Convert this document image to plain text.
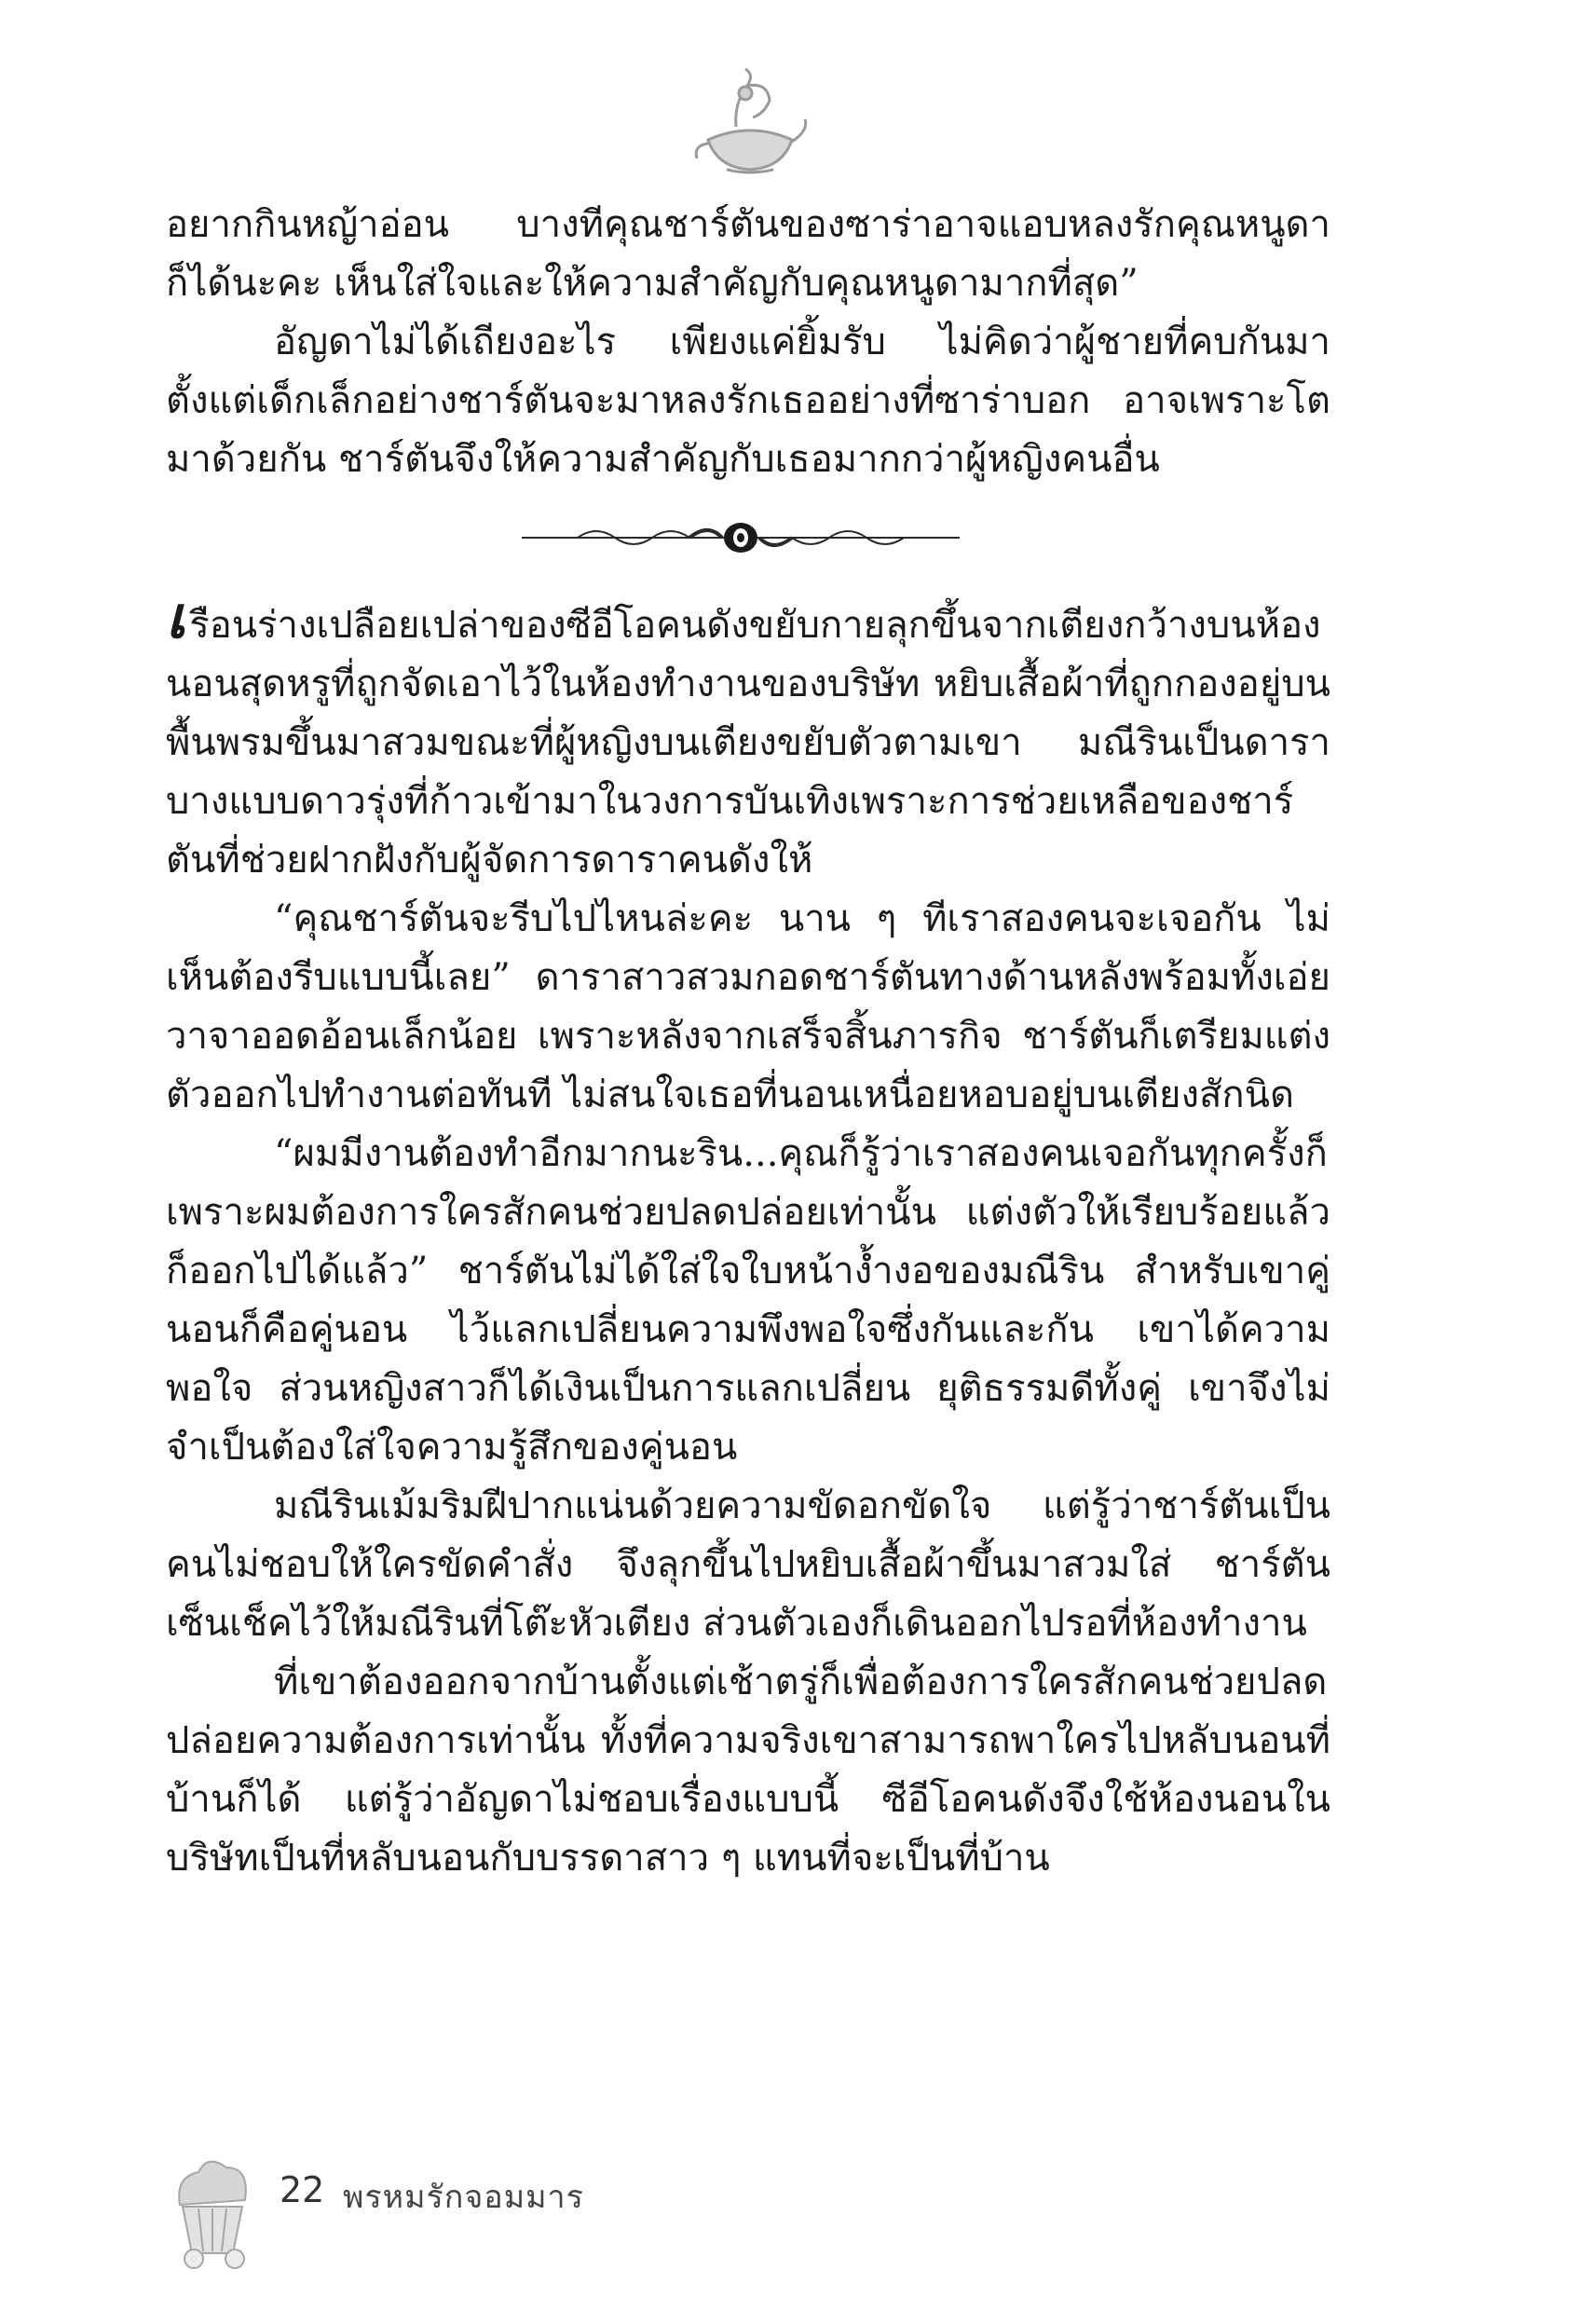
อยากกินหญ้าอ่อน บางทีคุณชาร์ตันของซาร่าอาจแอบหลงรักคุณหนูดาก็ได้นะคะ เห็นใส่ใจและให้ความสำคัญกับคุณหนูดามากที่สุด”

อัญดาไม่ได้เถียงอะไร เพียงแค่ยิ้มรับ ไม่คิดว่าผู้ชายที่คบกันมาตั้งแต่เด็กเล็กอย่างชาร์ตันจะมาหลงรักเธออย่างที่ซาร่าบอก อาจเพราะโตมาด้วยกัน ชาร์ตันจึงให้ความสำคัญกับเธอมากกว่าผู้หญิงคนอื่น

เรือนร่างเปลือยเปล่าของซีอีโอคนดังขยับกายลุกขึ้นจากเตียงกว้างบนห้องนอนสุดหรูที่ถูกจัดเอาไว้ในห้องทำงานของบริษัท หยิบเสื้อผ้าที่ถูกกองอยู่บนพื้นพรมขึ้นมาสวมขณะที่ผู้หญิงบนเตียงขยับตัวตามเขา มณีรินเป็นดาราบางแบบดาวรุ่งที่ก้าวเข้ามาในวงการบันเทิงเพราะการช่วยเหลือของชาร์ตันที่ช่วยฝากฝังกับผู้จัดการดาราคนดังให้

“คุณชาร์ตันจะรีบไปไหนล่ะคะ นาน ๆ ทีเราสองคนจะเจอกัน ไม่เห็นต้องรีบแบบนี้เลย” ดาราสาวสวมกอดชาร์ตันทางด้านหลังพร้อมทั้งเอ่ยวาจาออดอ้อนเล็กน้อย เพราะหลังจากเสร็จสิ้นภารกิจ ชาร์ตันก็เตรียมแต่งตัวออกไปทำงานต่อทันที ไม่สนใจเธอที่นอนเหนื่อยหอบอยู่บนเตียงสักนิด

“ผมมีงานต้องทำอีกมากนะริน...คุณก็รู้ว่าเราสองคนเจอกันทุกครั้งก็เพราะผมต้องการใครสักคนช่วยปลดปล่อยเท่านั้น แต่งตัวให้เรียบร้อยแล้วก็ออกไปได้แล้ว” ชาร์ตันไม่ได้ใส่ใจใบหน้างํ้างอของมณีริน สำหรับเขาคู่นอนก็คือคู่นอน ไว้แลกเปลี่ยนความพึงพอใจซึ่งกันและกัน เขาได้ความพอใจ ส่วนหญิงสาวก็ได้เงินเป็นการแลกเปลี่ยน ยุติธรรมดีทั้งคู่ เขาจึงไม่จำเป็นต้องใส่ใจความรู้สึกของคู่นอน

มณีรินเม้มริมฝีปากแน่นด้วยความขัดอกขัดใจ แต่รู้ว่าชาร์ตันเป็นคนไม่ชอบให้ใครขัดคำสั่ง จึงลุกขึ้นไปหยิบเสื้อผ้าขึ้นมาสวมใส่ ชาร์ตันเซ็นเช็คไว้ให้มณีรินที่โต๊ะหัวเตียง ส่วนตัวเองก็เดินออกไปรอที่ห้องทำงาน

ที่เขาต้องออกจากบ้านตั้งแต่เช้าตรู่ก็เพื่อต้องการใครสักคนช่วยปลดปล่อยความต้องการเท่านั้น ทั้งที่ความจริงเขาสามารถพาใครไปหลับนอนที่บ้านก็ได้ แต่รู้ว่าอัญดาไม่ชอบเรื่องแบบนี้ ซีอีโอคนดังจึงใช้ห้องนอนในบริษัทเป็นที่หลับนอนกับบรรดาสาว ๆ แทนที่จะเป็นที่บ้าน

22 พรหมรักจอมมาร
